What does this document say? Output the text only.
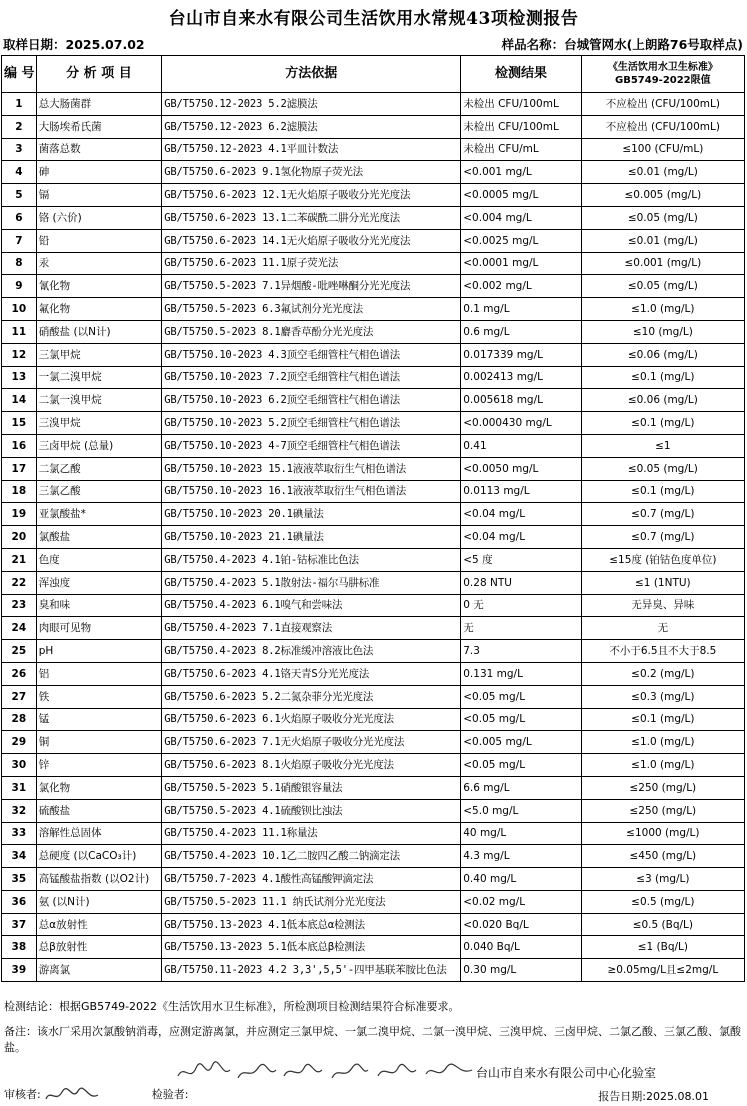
台山市自来水有限公司生活饮用水常规43项检测报告
取样日期：2025.07.02	样品名称：台城管网水(上朗路76号取样点)
编 号	分 析 项 目	方法依据	检测结果	《生活饮用水卫生标准》
GB5749-2022限值

1	总大肠菌群	GB/T5750.12-2023 5.2滤膜法	未检出 CFU/100mL	不应检出 (CFU/100mL)
2	大肠埃希氏菌	GB/T5750.12-2023 6.2滤膜法	未检出 CFU/100mL	不应检出 (CFU/100mL)
3	菌落总数	GB/T5750.12-2023 4.1平皿计数法	未检出 CFU/mL	≤100 (CFU/mL)
4	砷	GB/T5750.6-2023 9.1氢化物原子荧光法	<0.001 mg/L	≤0.01 (mg/L)
5	镉	GB/T5750.6-2023 12.1无火焰原子吸收分光光度法	<0.0005 mg/L	≤0.005 (mg/L)
6	铬 (六价)	GB/T5750.6-2023 13.1二苯碳酰二肼分光光度法	<0.004 mg/L	≤0.05 (mg/L)
7	铅	GB/T5750.6-2023 14.1无火焰原子吸收分光光度法	<0.0025 mg/L	≤0.01 (mg/L)
8	汞	GB/T5750.6-2023 11.1原子荧光法	<0.0001 mg/L	≤0.001 (mg/L)
9	氰化物	GB/T5750.5-2023 7.1异烟酸-吡唑啉酮分光光度法	<0.002 mg/L	≤0.05 (mg/L)
10	氟化物	GB/T5750.5-2023 6.3氟试剂分光光度法	0.1 mg/L	≤1.0 (mg/L)
11	硝酸盐 (以N计)	GB/T5750.5-2023 8.1麝香草酚分光光度法	0.6 mg/L	≤10 (mg/L)
12	三氯甲烷	GB/T5750.10-2023 4.3顶空毛细管柱气相色谱法	0.017339 mg/L	≤0.06 (mg/L)
13	一氯二溴甲烷	GB/T5750.10-2023 7.2顶空毛细管柱气相色谱法	0.002413 mg/L	≤0.1 (mg/L)
14	二氯一溴甲烷	GB/T5750.10-2023 6.2顶空毛细管柱气相色谱法	0.005618 mg/L	≤0.06 (mg/L)
15	三溴甲烷	GB/T5750.10-2023 5.2顶空毛细管柱气相色谱法	<0.000430 mg/L	≤0.1 (mg/L)
16	三卤甲烷 (总量)	GB/T5750.10-2023 4-7顶空毛细管柱气相色谱法	0.41	≤1
17	二氯乙酸	GB/T5750.10-2023 15.1液液萃取衍生气相色谱法	<0.0050 mg/L	≤0.05 (mg/L)
18	三氯乙酸	GB/T5750.10-2023 16.1液液萃取衍生气相色谱法	0.0113 mg/L	≤0.1 (mg/L)
19	亚氯酸盐*	GB/T5750.10-2023 20.1碘量法	<0.04 mg/L	≤0.7 (mg/L)
20	氯酸盐	GB/T5750.10-2023 21.1碘量法	<0.04 mg/L	≤0.7 (mg/L)
21	色度	GB/T5750.4-2023 4.1铂-钴标准比色法	<5 度	≤15度 (铂钴色度单位)
22	浑浊度	GB/T5750.4-2023 5.1散射法-福尔马肼标准	0.28 NTU	≤1 (1NTU)
23	臭和味	GB/T5750.4-2023 6.1嗅气和尝味法	0 无	无异臭、异味
24	肉眼可见物	GB/T5750.4-2023 7.1直接观察法	无	无
25	pH	GB/T5750.4-2023 8.2标准缓冲溶液比色法	7.3	不小于6.5且不大于8.5
26	铝	GB/T5750.6-2023 4.1铬天青S分光光度法	0.131 mg/L	≤0.2 (mg/L)
27	铁	GB/T5750.6-2023 5.2二氮杂菲分光光度法	<0.05 mg/L	≤0.3 (mg/L)
28	锰	GB/T5750.6-2023 6.1火焰原子吸收分光光度法	<0.05 mg/L	≤0.1 (mg/L)
29	铜	GB/T5750.6-2023 7.1无火焰原子吸收分光光度法	<0.005 mg/L	≤1.0 (mg/L)
30	锌	GB/T5750.6-2023 8.1火焰原子吸收分光光度法	<0.05 mg/L	≤1.0 (mg/L)
31	氯化物	GB/T5750.5-2023 5.1硝酸银容量法	6.6 mg/L	≤250 (mg/L)
32	硫酸盐	GB/T5750.5-2023 4.1硫酸钡比浊法	<5.0 mg/L	≤250 (mg/L)
33	溶解性总固体	GB/T5750.4-2023 11.1称量法	40 mg/L	≤1000 (mg/L)
34	总硬度 (以CaCO₃计)	GB/T5750.4-2023 10.1乙二胺四乙酸二钠滴定法	4.3 mg/L	≤450 (mg/L)
35	高锰酸盐指数 (以O2计)	GB/T5750.7-2023 4.1酸性高锰酸钾滴定法	0.40 mg/L	≤3 (mg/L)
36	氨 (以N计)	GB/T5750.5-2023 11.1 纳氏试剂分光光度法	<0.02 mg/L	≤0.5 (mg/L)
37	总α放射性	GB/T5750.13-2023 4.1低本底总α检测法	<0.020 Bq/L	≤0.5 (Bq/L)
38	总β放射性	GB/T5750.13-2023 5.1低本底总β检测法	0.040 Bq/L	≤1 (Bq/L)
39	游离氯	GB/T5750.11-2023 4.2 3,3',5,5'-四甲基联苯胺比色法	0.30 mg/L	≥0.05mg/L且≤2mg/L
检测结论：根据GB5749-2022《生活饮用水卫生标准》，所检测项目检测结果符合标准要求。
备注：该水厂采用次氯酸钠消毒，应测定游离氯，并应测定三氯甲烷、一氯二溴甲烷、二氯一溴甲烷、三溴甲烷、三卤甲烷、二氯乙酸、三氯乙酸、氯酸盐。
台山市自来水有限公司中心化验室
审核者:	检验者:	报告日期:2025.08.01
